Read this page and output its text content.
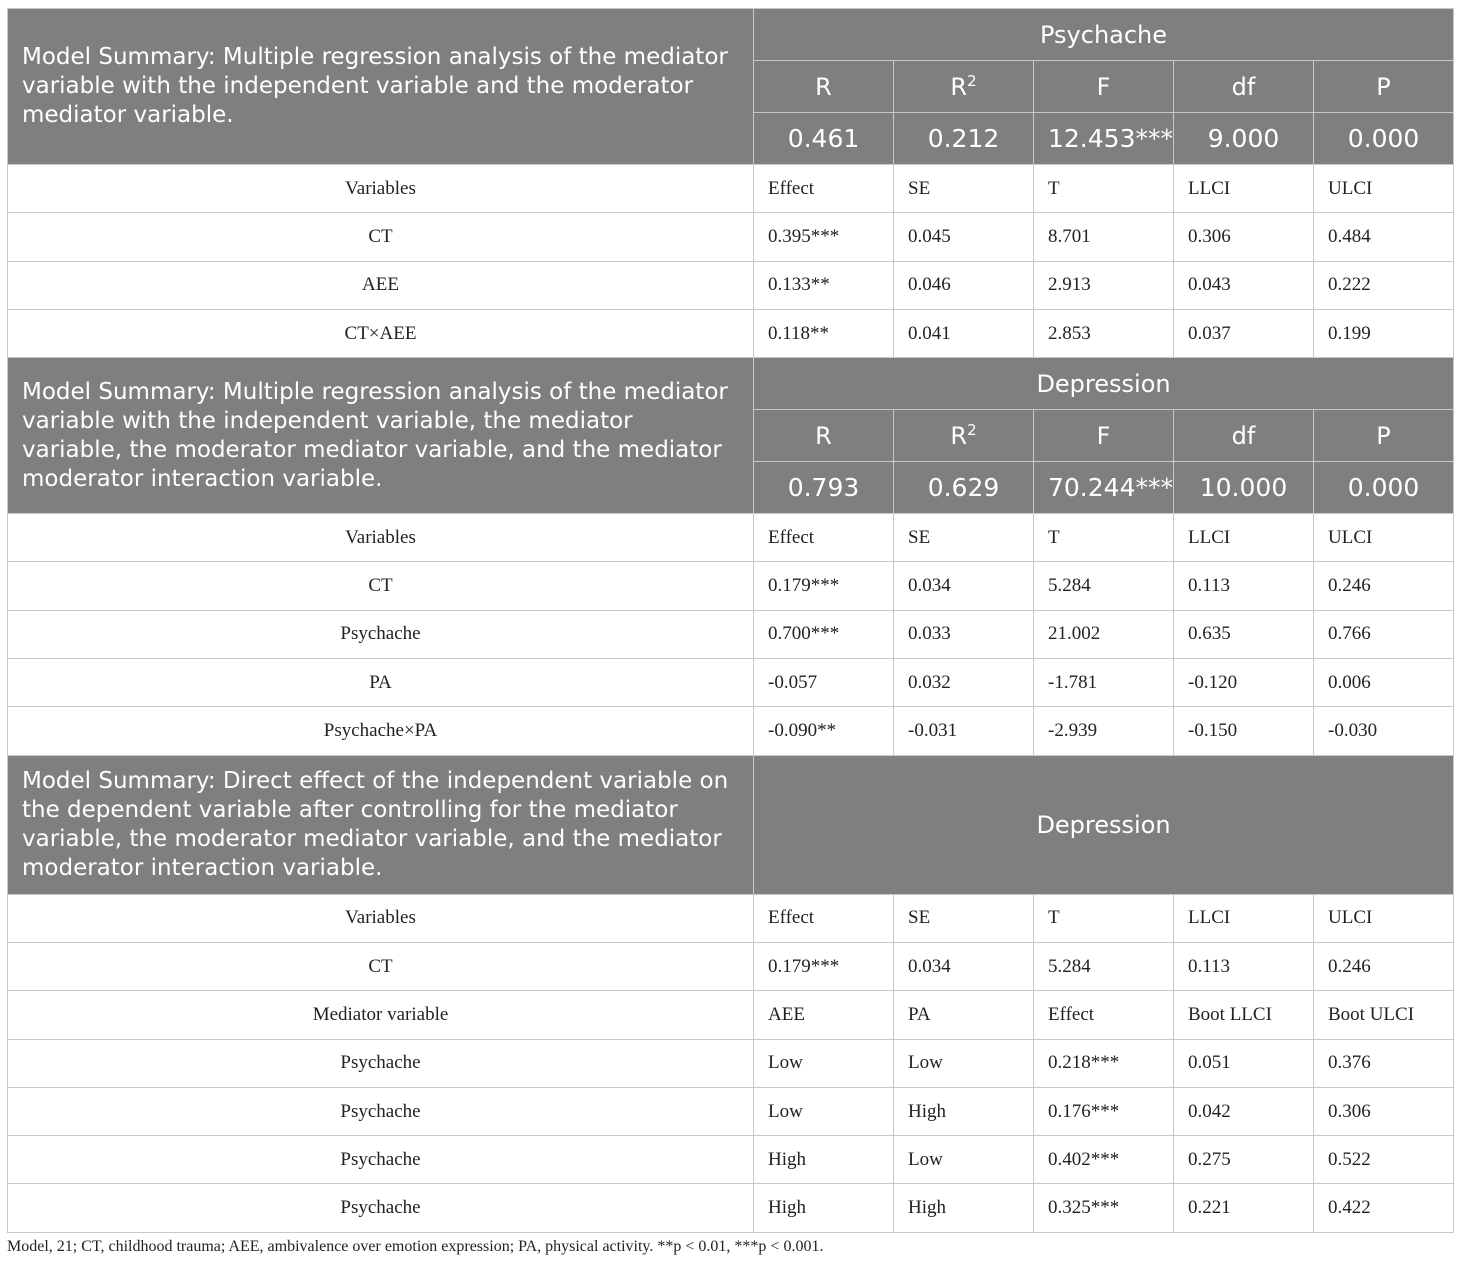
Model Summary: Multiple regression analysis of the mediator variable with the independent variable and the moderator mediator variable.	Psychache				
	R	$R^2$	F	df	P
	0.461	0.212	12.453***	9.000	0.000
Variables	Effect	SE	T	LLCI	ULCI
CT	0.395***	0.045	8.701	0.306	0.484
AEE	0.133**	0.046	2.913	0.043	0.222
CT×AEE	0.118**	0.041	2.853	0.037	0.199
Model Summary: Multiple regression analysis of the mediator variable with the independent variable, the mediator variable, the moderator mediator variable, and the mediator moderator interaction variable.	Depression				
	R	$R^2$	F	df	P
	0.793	0.629	70.244***	10.000	0.000
Variables	Effect	SE	T	LLCI	ULCI
CT	0.179***	0.034	5.284	0.113	0.246
Psychache	0.700***	0.033	21.002	0.635	0.766
PA	-0.057	0.032	-1.781	-0.120	0.006
Psychache×PA	-0.090**	-0.031	-2.939	-0.150	-0.030
Model Summary: Direct effect of the independent variable on the dependent variable after controlling for the mediator variable, the moderator mediator variable, and the mediator moderator interaction variable.	Depression				
Variables	Effect	SE	T	LLCI	ULCI
CT	0.179***	0.034	5.284	0.113	0.246
Mediator variable	AEE	PA	Effect	Boot LLCI	Boot ULCI
Psychache	Low	Low	0.218***	0.051	0.376
Psychache	Low	High	0.176***	0.042	0.306
Psychache	High	Low	0.402***	0.275	0.522
Psychache	High	High	0.325***	0.221	0.422
Model, 21; CT, childhood trauma; AEE, ambivalence over emotion expression; PA, physical activity. **p < 0.01, ***p < 0.001.
